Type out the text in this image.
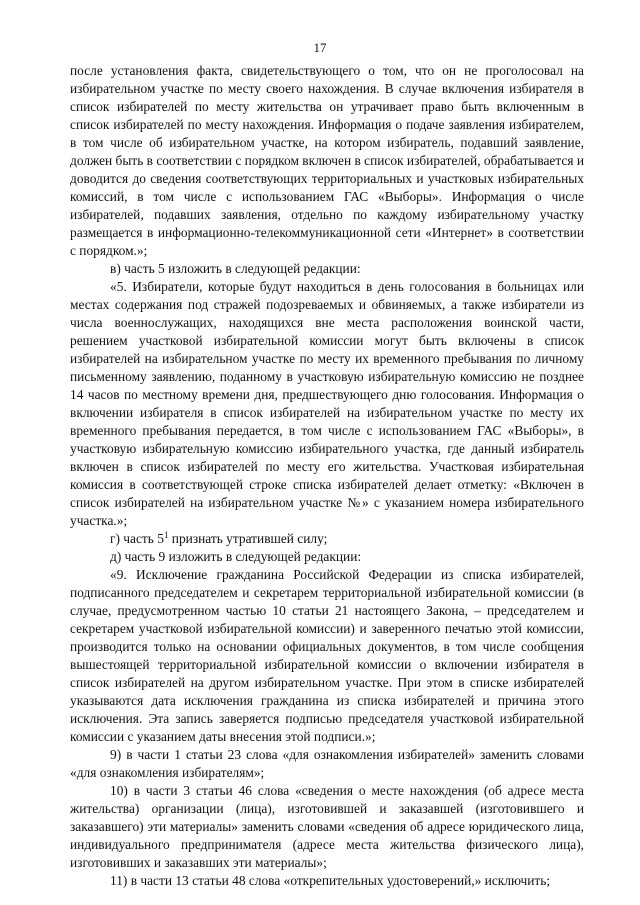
17

после установления факта, свидетельствующего о том, что он не проголосовал на избирательном участке по месту своего нахождения. В случае включения избирателя в список избирателей по месту жительства он утрачивает право быть включенным в список избирателей по месту нахождения. Информация о подаче заявления избирателем, в том числе об избирательном участке, на котором избиратель, подавший заявление, должен быть в соответствии с порядком включен в список избирателей, обрабатывается и доводится до сведения соответствующих территориальных и участковых избирательных комиссий, в том числе с использованием ГАС «Выборы». Информация о числе избирателей, подавших заявления, отдельно по каждому избирательному участку размещается в информационно-телекоммуникационной сети «Интернет» в соответствии с порядком.»;

в) часть 5 изложить в следующей редакции:

«5. Избиратели, которые будут находиться в день голосования в больницах или местах содержания под стражей подозреваемых и обвиняемых, а также избиратели из числа военнослужащих, находящихся вне места расположения воинской части, решением участковой избирательной комиссии могут быть включены в список избирателей на избирательном участке по месту их временного пребывания по личному письменному заявлению, поданному в участковую избирательную комиссию не позднее 14 часов по местному времени дня, предшествующего дню голосования. Информация о включении избирателя в список избирателей на избирательном участке по месту их временного пребывания передается, в том числе с использованием ГАС «Выборы», в участковую избирательную комиссию избирательного участка, где данный избиратель включен в список избирателей по месту его жительства. Участковая избирательная комиссия в соответствующей строке списка избирателей делает отметку: «Включен в список избирателей на избирательном участке №» с указанием номера избирательного участка.»;

г) часть $5^1$ признать утратившей силу;

д) часть 9 изложить в следующей редакции:

«9. Исключение гражданина Российской Федерации из списка избирателей, подписанного председателем и секретарем территориальной избирательной комиссии (в случае, предусмотренном частью 10 статьи 21 настоящего Закона, – председателем и секретарем участковой избирательной комиссии) и заверенного печатью этой комиссии, производится только на основании официальных документов, в том числе сообщения вышестоящей территориальной избирательной комиссии о включении избирателя в список избирателей на другом избирательном участке. При этом в списке избирателей указываются дата исключения гражданина из списка избирателей и причина этого исключения. Эта запись заверяется подписью председателя участковой избирательной комиссии с указанием даты внесения этой подписи.»;

9) в части 1 статьи 23 слова «для ознакомления избирателей» заменить словами «для ознакомления избирателям»;

10) в части 3 статьи 46 слова «сведения о месте нахождения (об адресе места жительства) организации (лица), изготовившей и заказавшей (изготовившего и заказавшего) эти материалы» заменить словами «сведения об адресе юридического лица, индивидуального предпринимателя (адресе места жительства физического лица), изготовивших и заказавших эти материалы»;

11) в части 13 статьи 48 слова «открепительных удостоверений,» исключить;
